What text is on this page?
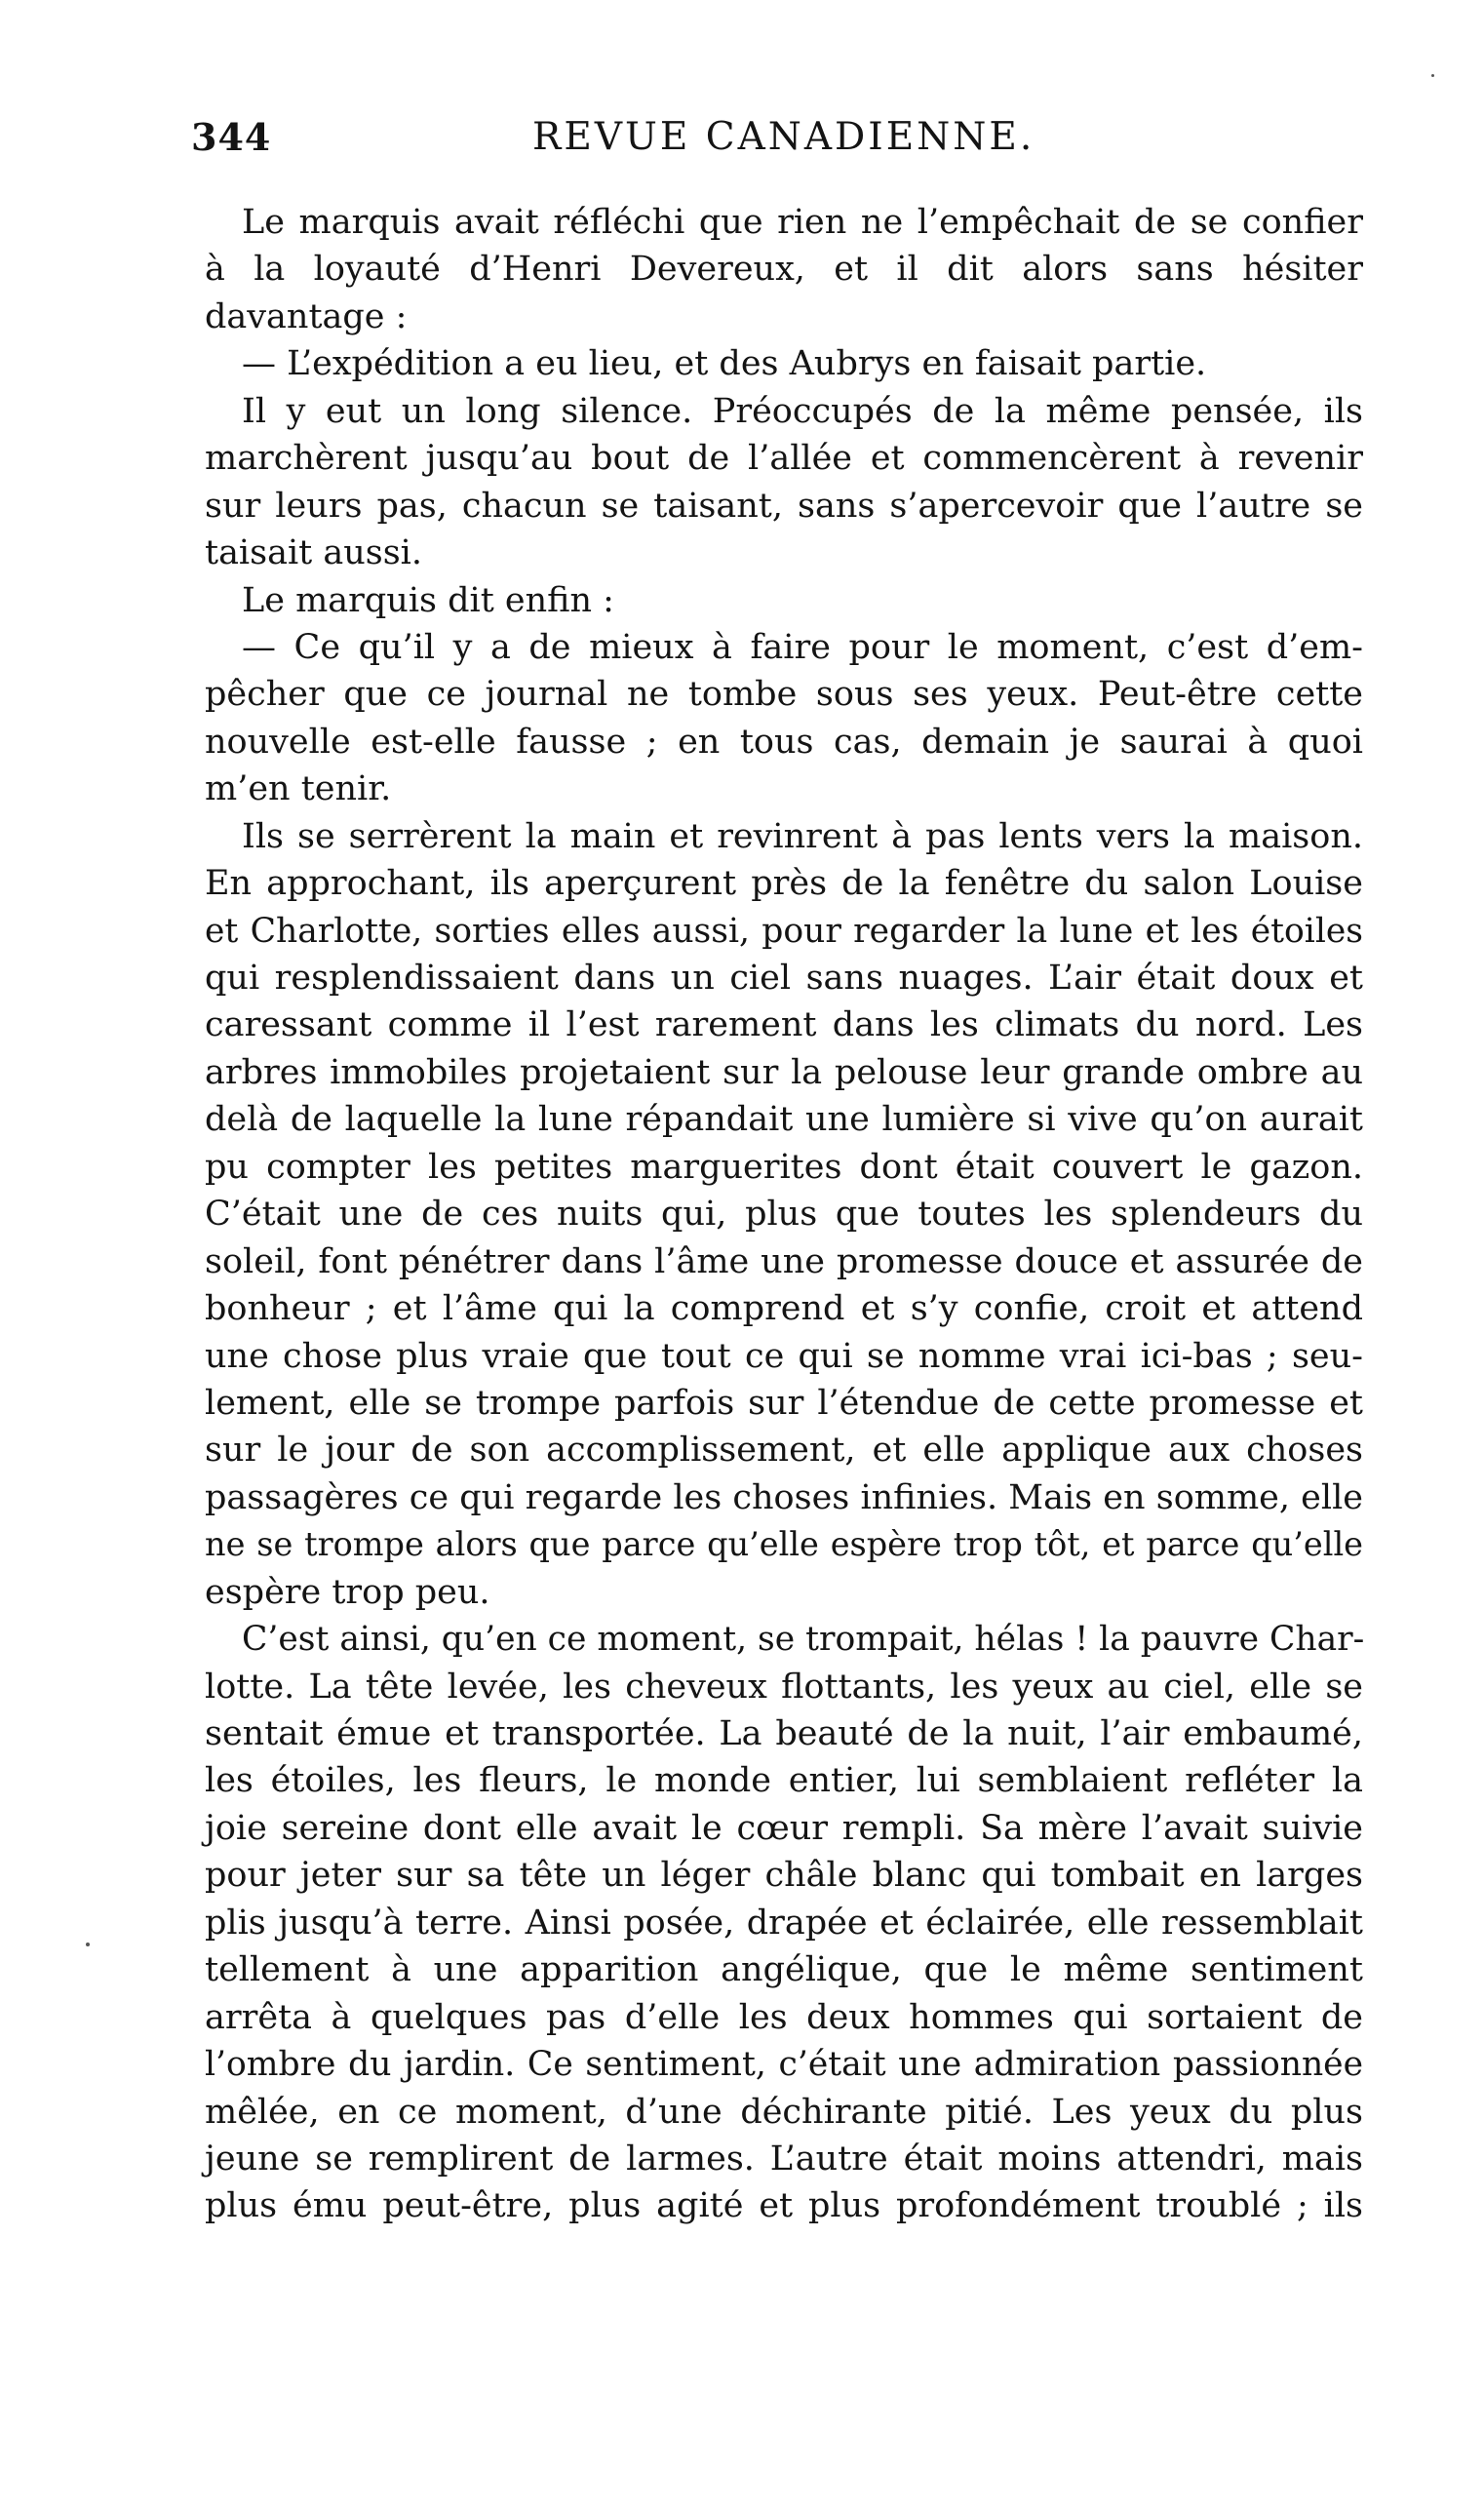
344	REVUE CANADIENNE.
Le marquis avait réfléchi que rien ne l’empêchait de se confier
à la loyauté d’Henri Devereux, et il dit alors sans hésiter
davantage :
— L’expédition a eu lieu, et des Aubrys en faisait partie.
Il y eut un long silence. Préoccupés de la même pensée, ils
marchèrent jusqu’au bout de l’allée et commencèrent à revenir
sur leurs pas, chacun se taisant, sans s’apercevoir que l’autre se
taisait aussi.
Le marquis dit enfin :
— Ce qu’il y a de mieux à faire pour le moment, c’est d’em-
pêcher que ce journal ne tombe sous ses yeux. Peut-être cette
nouvelle est-elle fausse ; en tous cas, demain je saurai à quoi
m’en tenir.
Ils se serrèrent la main et revinrent à pas lents vers la maison.
En approchant, ils aperçurent près de la fenêtre du salon Louise
et Charlotte, sorties elles aussi, pour regarder la lune et les étoiles
qui resplendissaient dans un ciel sans nuages. L’air était doux et
caressant comme il l’est rarement dans les climats du nord. Les
arbres immobiles projetaient sur la pelouse leur grande ombre au
delà de laquelle la lune répandait une lumière si vive qu’on aurait
pu compter les petites marguerites dont était couvert le gazon.
C’était une de ces nuits qui, plus que toutes les splendeurs du
soleil, font pénétrer dans l’âme une promesse douce et assurée de
bonheur ; et l’âme qui la comprend et s’y confie, croit et attend
une chose plus vraie que tout ce qui se nomme vrai ici-bas ; seu-
lement, elle se trompe parfois sur l’étendue de cette promesse et
sur le jour de son accomplissement, et elle applique aux choses
passagères ce qui regarde les choses infinies. Mais en somme, elle
ne se trompe alors que parce qu’elle espère trop tôt, et parce qu’elle
espère trop peu.
C’est ainsi, qu’en ce moment, se trompait, hélas ! la pauvre Char-
lotte. La tête levée, les cheveux flottants, les yeux au ciel, elle se
sentait émue et transportée. La beauté de la nuit, l’air embaumé,
les étoiles, les fleurs, le monde entier, lui semblaient refléter la
joie sereine dont elle avait le cœur rempli. Sa mère l’avait suivie
pour jeter sur sa tête un léger châle blanc qui tombait en larges
plis jusqu’à terre. Ainsi posée, drapée et éclairée, elle ressemblait
tellement à une apparition angélique, que le même sentiment
arrêta à quelques pas d’elle les deux hommes qui sortaient de
l’ombre du jardin. Ce sentiment, c’était une admiration passionnée
mêlée, en ce moment, d’une déchirante pitié. Les yeux du plus
jeune se remplirent de larmes. L’autre était moins attendri, mais
plus ému peut-être, plus agité et plus profondément troublé ; ils
